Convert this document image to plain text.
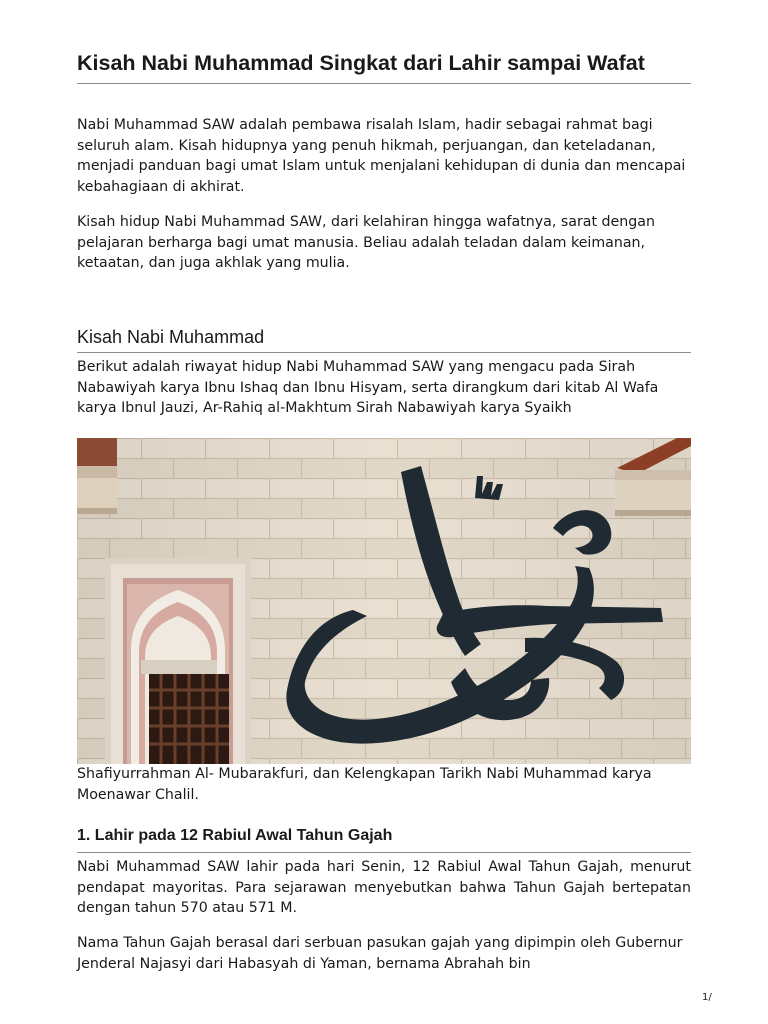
Kisah Nabi Muhammad Singkat dari Lahir sampai Wafat

Nabi Muhammad SAW adalah pembawa risalah Islam, hadir sebagai rahmat bagi seluruh alam. Kisah hidupnya yang penuh hikmah, perjuangan, dan keteladanan, menjadi panduan bagi umat Islam untuk menjalani kehidupan di dunia dan mencapai kebahagiaan di akhirat.

Kisah hidup Nabi Muhammad SAW, dari kelahiran hingga wafatnya, sarat dengan pelajaran berharga bagi umat manusia. Beliau adalah teladan dalam keimanan, ketaatan, dan juga akhlak yang mulia.

Kisah Nabi Muhammad

Berikut adalah riwayat hidup Nabi Muhammad SAW yang mengacu pada Sirah Nabawiyah karya Ibnu Ishaq dan Ibnu Hisyam, serta dirangkum dari kitab Al Wafa karya Ibnul Jauzi, Ar-Rahiq al-Makhtum Sirah Nabawiyah karya Syaikh

Shafiyurrahman Al- Mubarakfuri, dan Kelengkapan Tarikh Nabi Muhammad karya Moenawar Chalil.

1. Lahir pada 12 Rabiul Awal Tahun Gajah

Nabi Muhammad SAW lahir pada hari Senin, 12 Rabiul Awal Tahun Gajah, menurut pendapat mayoritas. Para sejarawan menyebutkan bahwa Tahun Gajah bertepatan dengan tahun 570 atau 571 M.

Nama Tahun Gajah berasal dari serbuan pasukan gajah yang dipimpin oleh Gubernur Jenderal Najasyi dari Habasyah di Yaman, bernama Abrahah bin

1/
